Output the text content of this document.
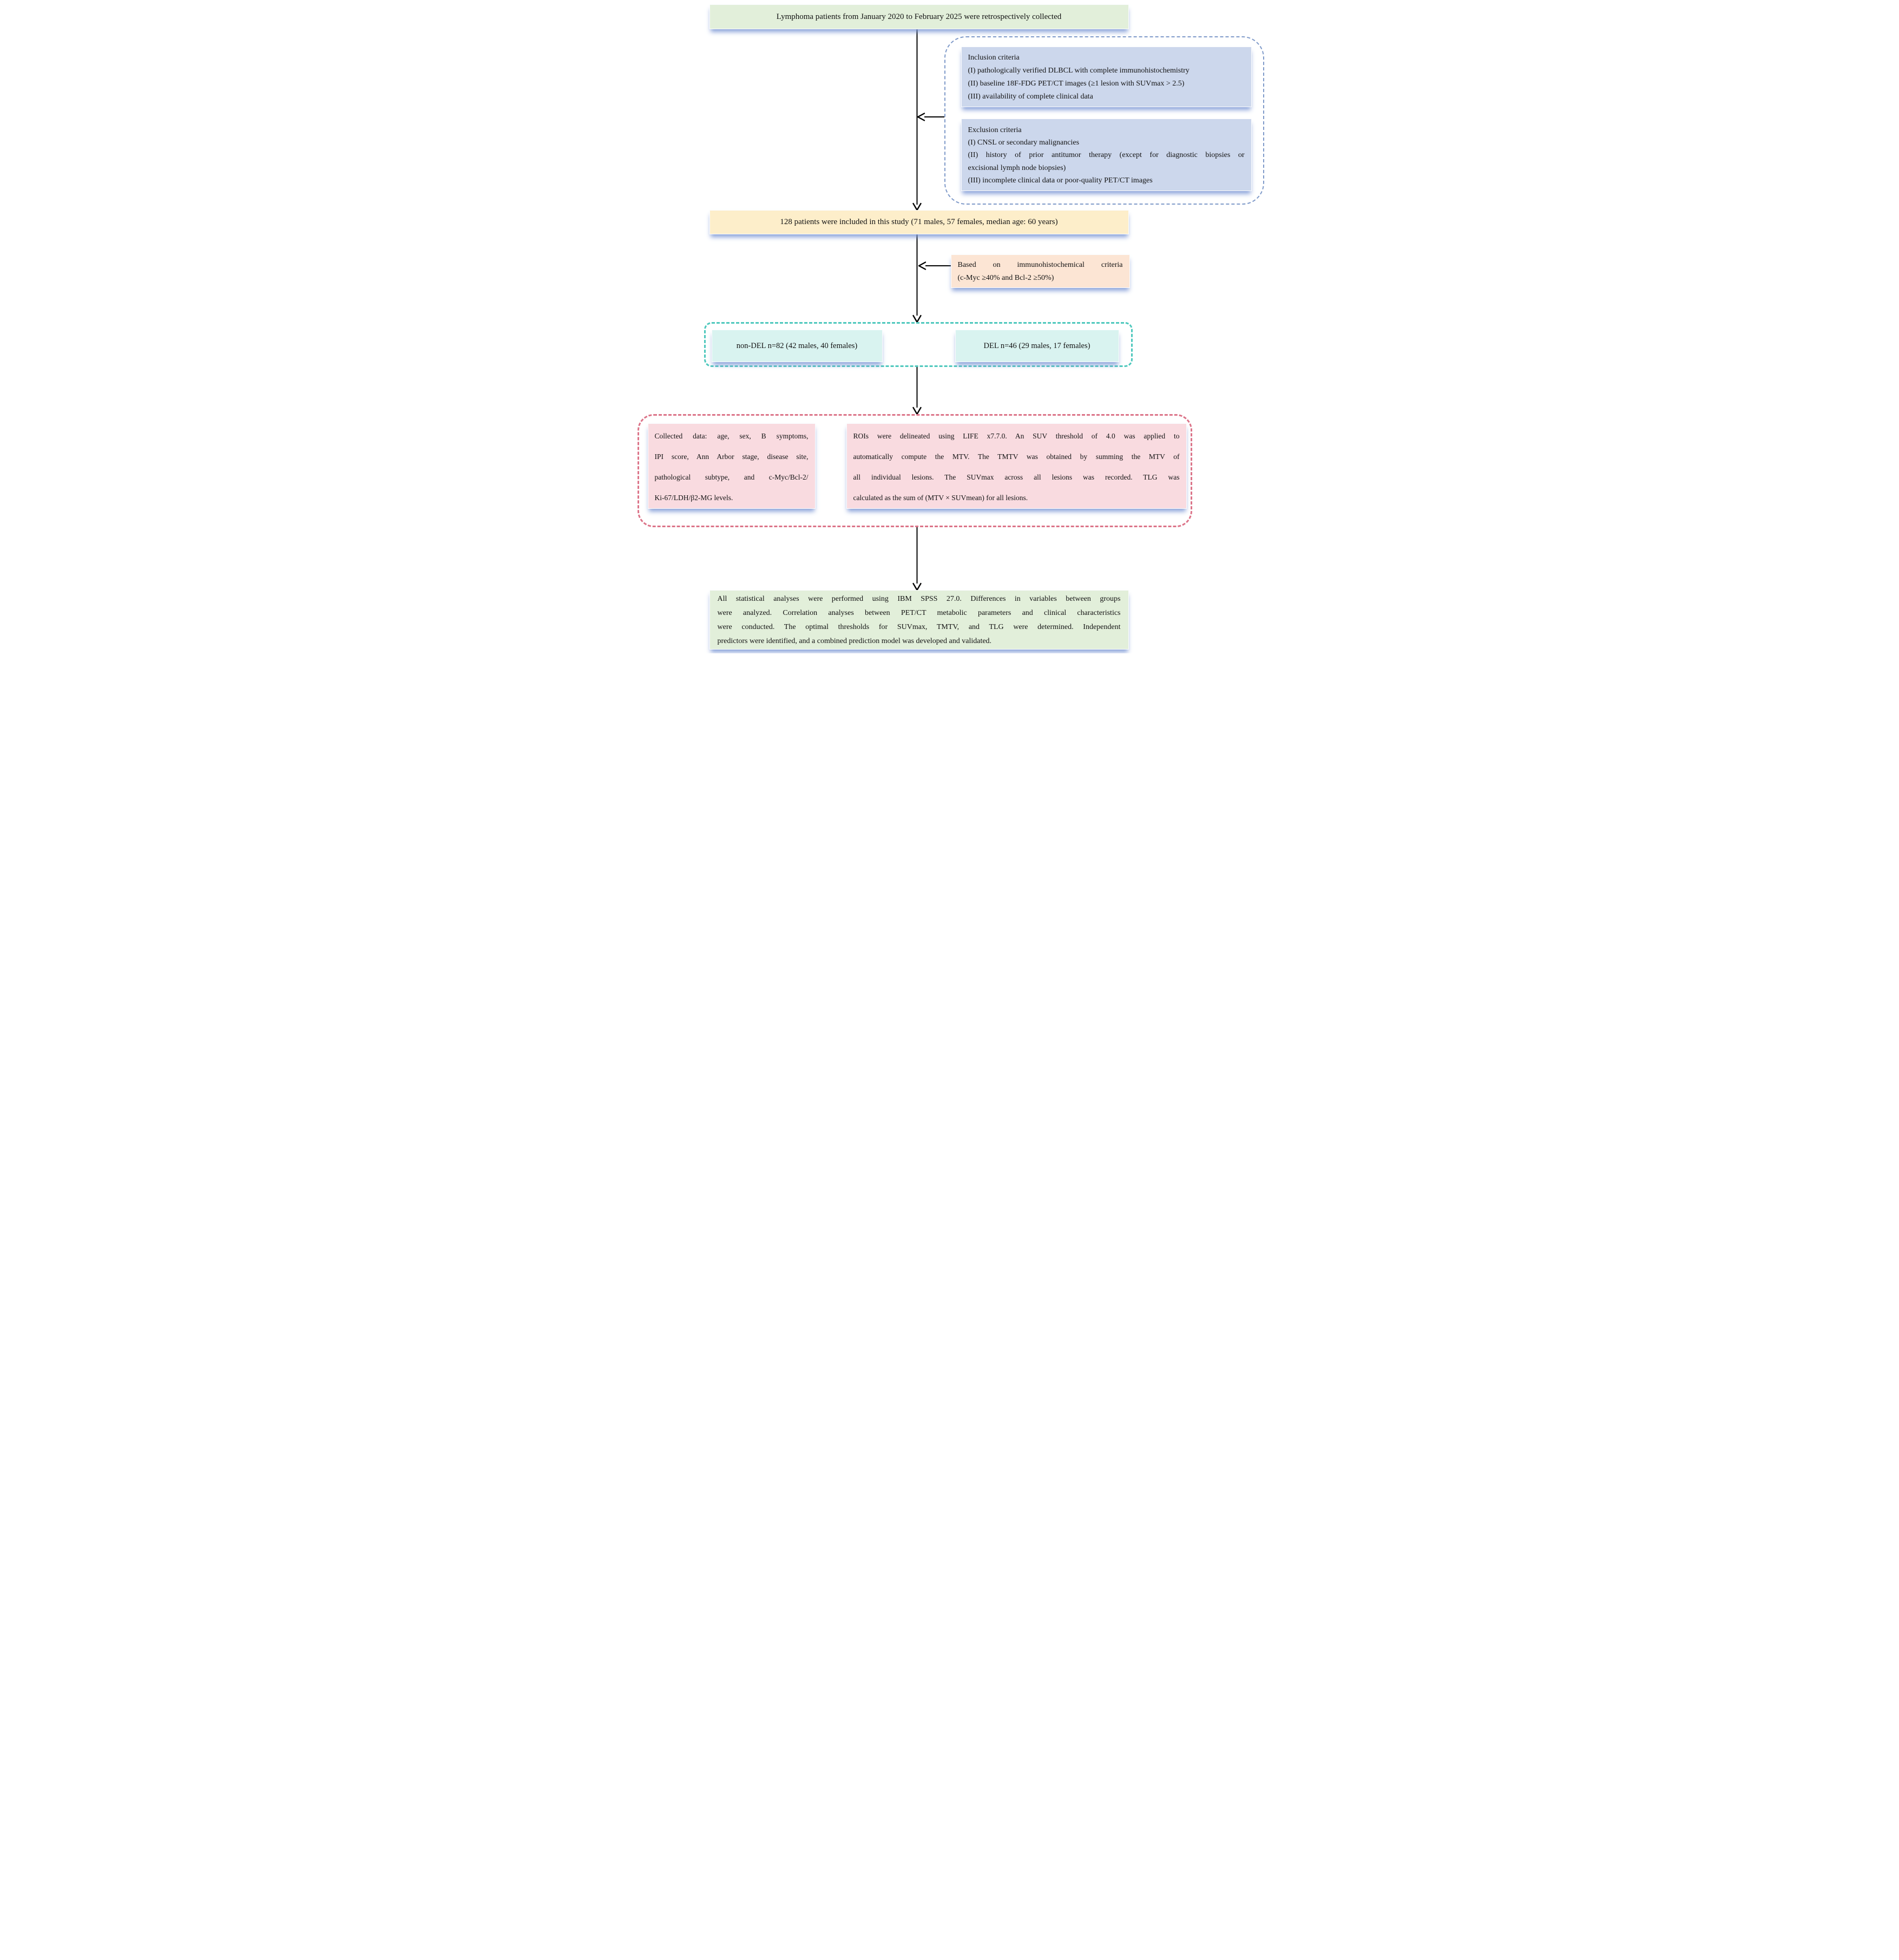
Lymphoma patients from January 2020 to February 2025 were retrospectively collected
Inclusion criteria
(I) pathologically verified DLBCL with complete immunohistochemistry
(II) baseline 18F-FDG PET/CT images (≥1 lesion with SUVmax > 2.5)
(III) availability of complete clinical data
Exclusion criteria
(I) CNSL or secondary malignancies
(II) history of prior antitumor therapy (except for diagnostic biopsies or
excisional lymph node biopsies)
(III) incomplete clinical data or poor-quality PET/CT images
128 patients were included in this study (71 males, 57 females, median age: 60 years)
Based on immunohistochemical criteria
(c-Myc ≥40% and Bcl-2 ≥50%)
non-DEL n=82 (42 males, 40 females)	DEL n=46 (29 males, 17 females)
Collected data: age, sex, B symptoms,
IPI score, Ann Arbor stage, disease site,
pathological subtype, and c-Myc/Bcl-2/
Ki-67/LDH/β2-MG levels.
ROIs were delineated using LIFE x7.7.0. An SUV threshold of 4.0 was applied to
automatically compute the MTV. The TMTV was obtained by summing the MTV of
all individual lesions. The SUVmax across all lesions was recorded. TLG was
calculated as the sum of (MTV × SUVmean) for all lesions.
All statistical analyses were performed using IBM SPSS 27.0. Differences in variables between groups
were analyzed. Correlation analyses between PET/CT metabolic parameters and clinical characteristics
were conducted. The optimal thresholds for SUVmax, TMTV, and TLG were determined. Independent
predictors were identified, and a combined prediction model was developed and validated.
